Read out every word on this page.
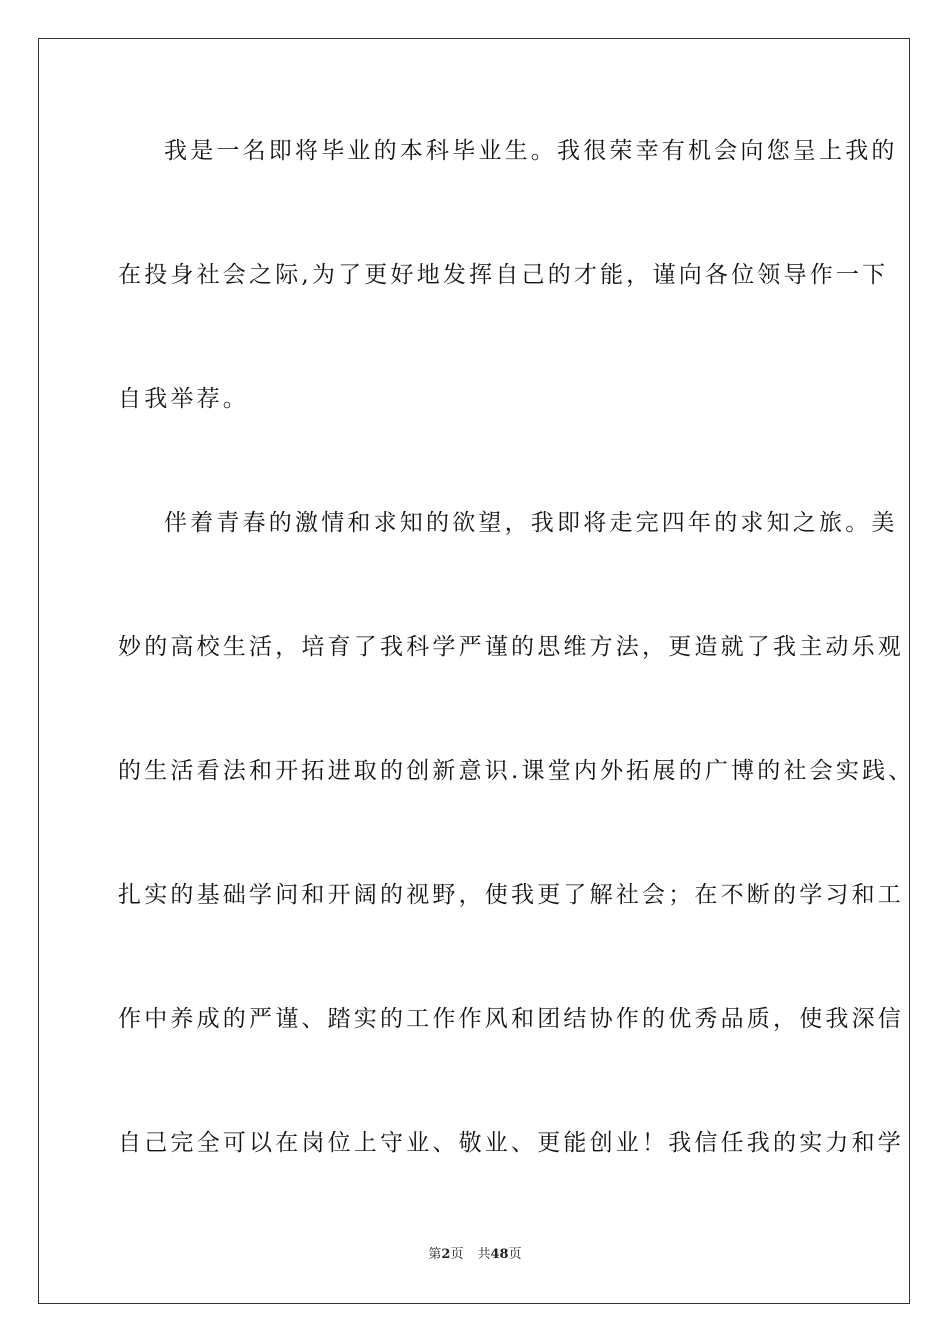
我是一名即将毕业的本科毕业生。我很荣幸有机会向您呈上我的
在投身社会之际,为了更好地发挥自己的才能，谨向各位领导作一下
自我举荐。
伴着青春的激情和求知的欲望，我即将走完四年的求知之旅。美
妙的高校生活，培育了我科学严谨的思维方法，更造就了我主动乐观
的生活看法和开拓进取的创新意识.课堂内外拓展的广博的社会实践、
扎实的基础学问和开阔的视野，使我更了解社会；在不断的学习和工
作中养成的严谨、踏实的工作作风和团结协作的优秀品质，使我深信
自己完全可以在岗位上守业、敬业、更能创业！我信任我的实力和学
第2页 共48页
